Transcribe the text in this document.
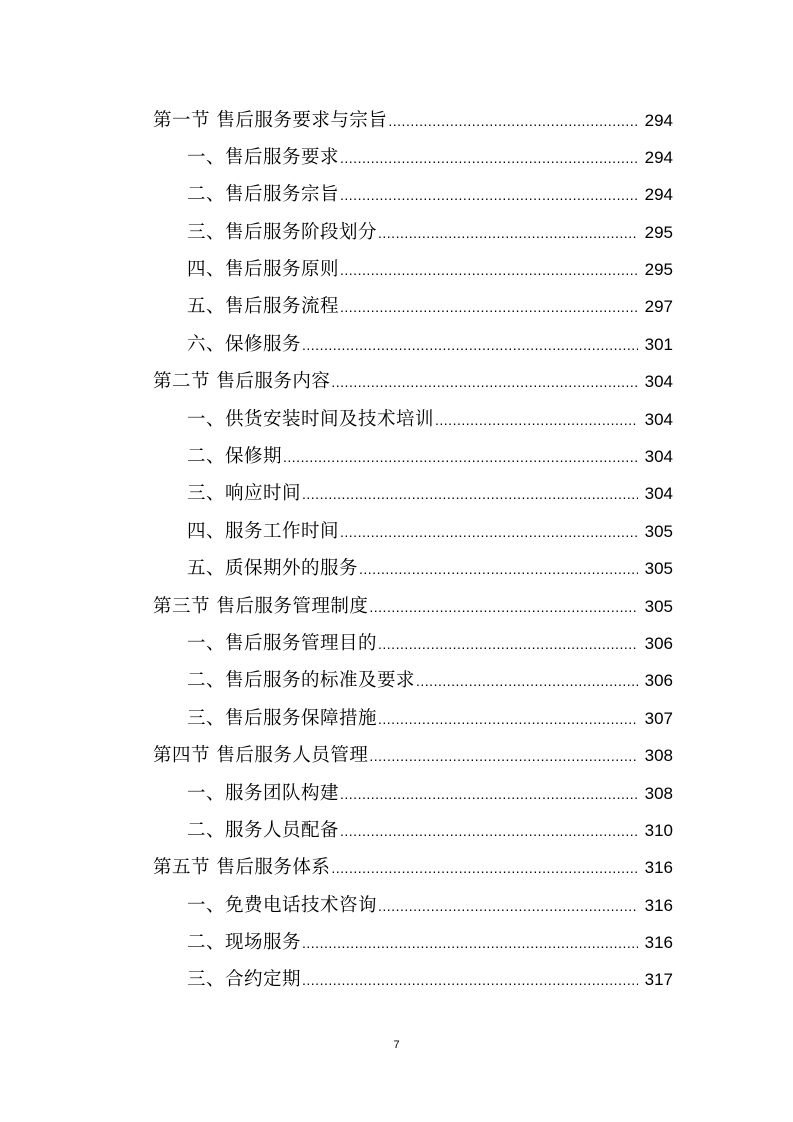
第一节 售后服务要求与宗旨 .....	294
一、售后服务要求 .....	294
二、售后服务宗旨 .....	294
三、售后服务阶段划分 .....	295
四、售后服务原则 .....	295
五、售后服务流程 .....	297
六、保修服务 .....	301
第二节 售后服务内容 .....	304
一、供货安装时间及技术培训 .....	304
二、保修期 .....	304
三、响应时间 .....	304
四、服务工作时间 .....	305
五、质保期外的服务 .....	305
第三节 售后服务管理制度 .....	305
一、售后服务管理目的 .....	306
二、售后服务的标准及要求 .....	306
三、售后服务保障措施 .....	307
第四节 售后服务人员管理 .....	308
一、服务团队构建 .....	308
二、服务人员配备 .....	310
第五节 售后服务体系 .....	316
一、免费电话技术咨询 .....	316
二、现场服务 .....	316
三、合约定期 .....	317
7
